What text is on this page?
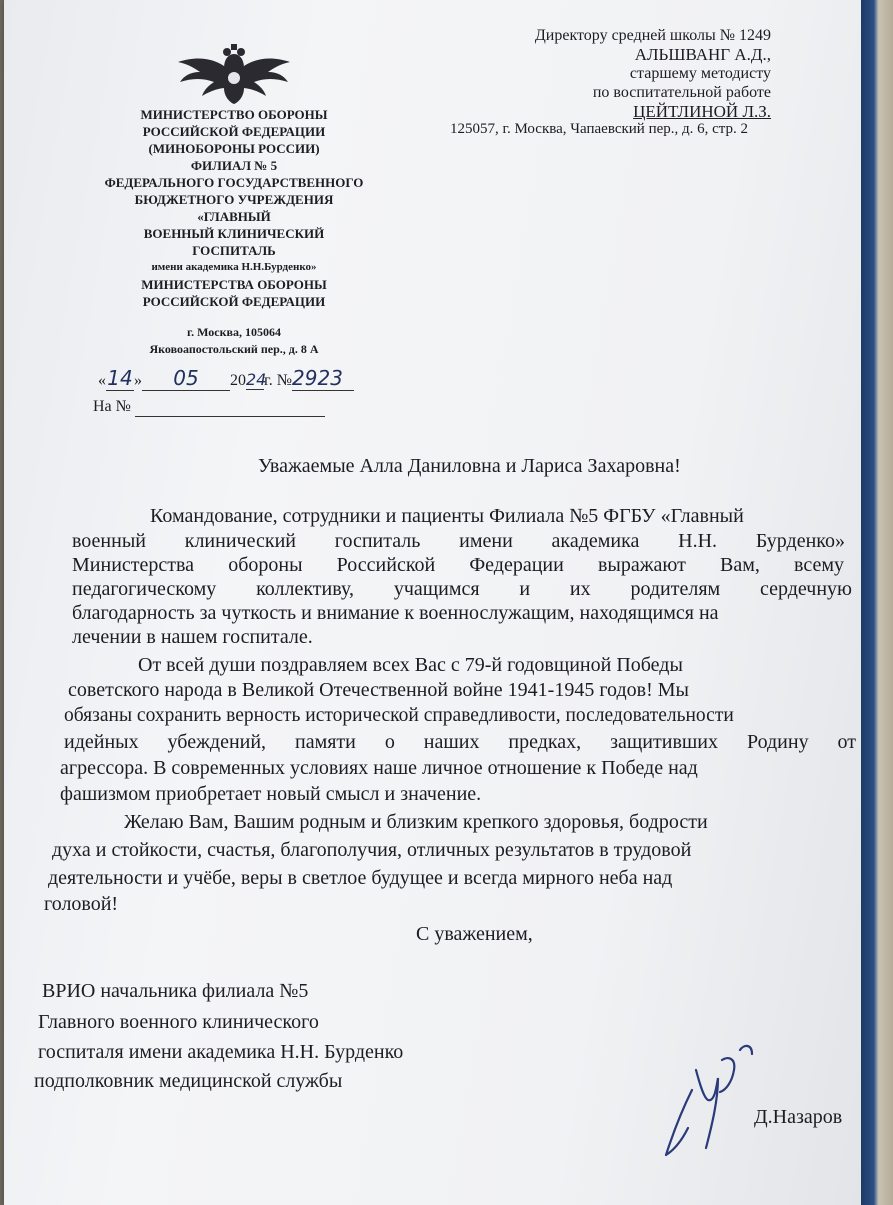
МИНИСТЕРСТВО ОБОРОНЫ
РОССИЙСКОЙ ФЕДЕРАЦИИ
(МИНОБОРОНЫ РОССИИ)
ФИЛИАЛ № 5
ФЕДЕРАЛЬНОГО ГОСУДАРСТВЕННОГО
БЮДЖЕТНОГО УЧРЕЖДЕНИЯ
«ГЛАВНЫЙ
ВОЕННЫЙ КЛИНИЧЕСКИЙ
ГОСПИТАЛЬ
имени академика Н.Н.Бурденко»
МИНИСТЕРСТВА ОБОРОНЫ
РОССИЙСКОЙ ФЕДЕРАЦИИ
г. Москва, 105064
Яковоапостольский пер., д. 8 А
Директору средней школы № 1249
АЛЬШВАНГ А.Д.,
старшему методисту
по воспитательной работе
ЦЕЙТЛИНОЙ Л.З.
125057, г. Москва, Чапаевский пер., д. 6, стр. 2
«14» 05 2024г. №2923
На №
Уважаемые Алла Даниловна и Лариса Захаровна!
Командование, сотрудники и пациенты Филиала №5 ФГБУ «Главный
военный клинический госпиталь имени академика Н.Н. Бурденко»
Министерства обороны Российской Федерации выражают Вам, всему
педагогическому коллективу, учащимся и их родителям сердечную
благодарность за чуткость и внимание к военнослужащим, находящимся на
лечении в нашем госпитале.
От всей души поздравляем всех Вас с 79-й годовщиной Победы
советского народа в Великой Отечественной войне 1941-1945 годов! Мы
обязаны сохранить верность исторической справедливости, последовательности
идейных убеждений, памяти о наших предках, защитивших Родину от
агрессора. В современных условиях наше личное отношение к Победе над
фашизмом приобретает новый смысл и значение.
Желаю Вам, Вашим родным и близким крепкого здоровья, бодрости
духа и стойкости, счастья, благополучия, отличных результатов в трудовой
деятельности и учёбе, веры в светлое будущее и всегда мирного неба над
головой!
С уважением,
ВРИО начальника филиала №5
Главного военного клинического
госпиталя имени академика Н.Н. Бурденко
подполковник медицинской службы
Д.Назаров
